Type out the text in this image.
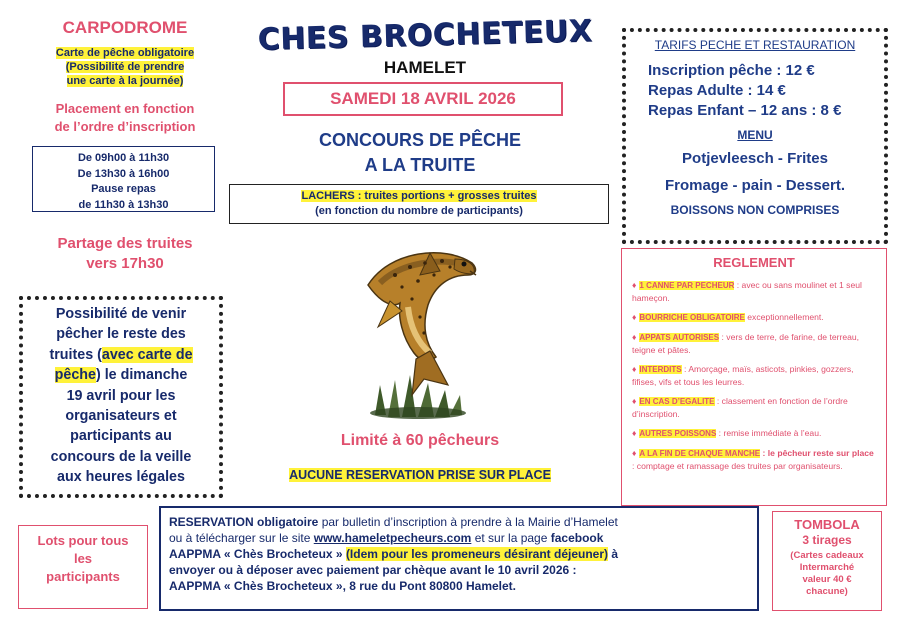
CARPODROME
Carte de pêche obligatoire
(Possibilité de prendre
une carte à la journée)
Placement en fonction
de l’ordre d’inscription
De 09h00 à 11h30
De 13h30 à 16h00
Pause repas
de 11h30 à 13h30
Partage des truites
vers 17h30
Possibilité de venir
pêcher le reste des
truites (avec carte de
pêche) le dimanche
19 avril pour les
organisateurs et
participants au
concours de la veille
aux heures légales
CHES BROCHETEUX
HAMELET
SAMEDI 18 AVRIL 2026
CONCOURS DE PÊCHE
A LA TRUITE
LACHERS : truites portions + grosses truites
(en fonction du nombre de participants)
Limité à 60 pêcheurs
AUCUNE RESERVATION PRISE SUR PLACE
TARIFS PECHE ET RESTAURATION
Inscription pêche : 12 €
Repas Adulte : 14 €
Repas Enfant – 12 ans : 8 €
MENU
Potjevleesch - Frites
Fromage - pain - Dessert.
BOISSONS NON COMPRISES
REGLEMENT

♦ 1 CANNE PAR PECHEUR : avec ou sans moulinet et 1 seul hameçon.

♦ BOURRICHE OBLIGATOIRE exceptionnellement.

♦ APPATS AUTORISES : vers de terre, de farine, de terreau, teigne et pâtes.

♦ INTERDITS : Amorçage, maïs, asticots, pinkies, gozzers, fifises, vifs et tous les leurres.

♦ EN CAS D’EGALITE : classement en fonction de l’ordre d’inscription.

♦ AUTRES POISSONS : remise immédiate à l’eau.

♦ A LA FIN DE CHAQUE MANCHE : le pêcheur reste sur place : comptage et ramassage des truites par organisateurs.

Lots pour tous
les
participants
RESERVATION obligatoire par bulletin d’inscription à prendre à la Mairie d’Hamelet
ou à télécharger sur le site www.hameletpecheurs.com et sur la page facebook
AAPPMA « Chès Brocheteux » (Idem pour les promeneurs désirant déjeuner) à
envoyer ou à déposer avec paiement par chèque avant le 10 avril 2026 :
AAPPMA « Chès Brocheteux », 8 rue du Pont 80800 Hamelet.
TOMBOLA
3 tirages
(Cartes cadeaux
Intermarché
valeur 40 €
chacune)
